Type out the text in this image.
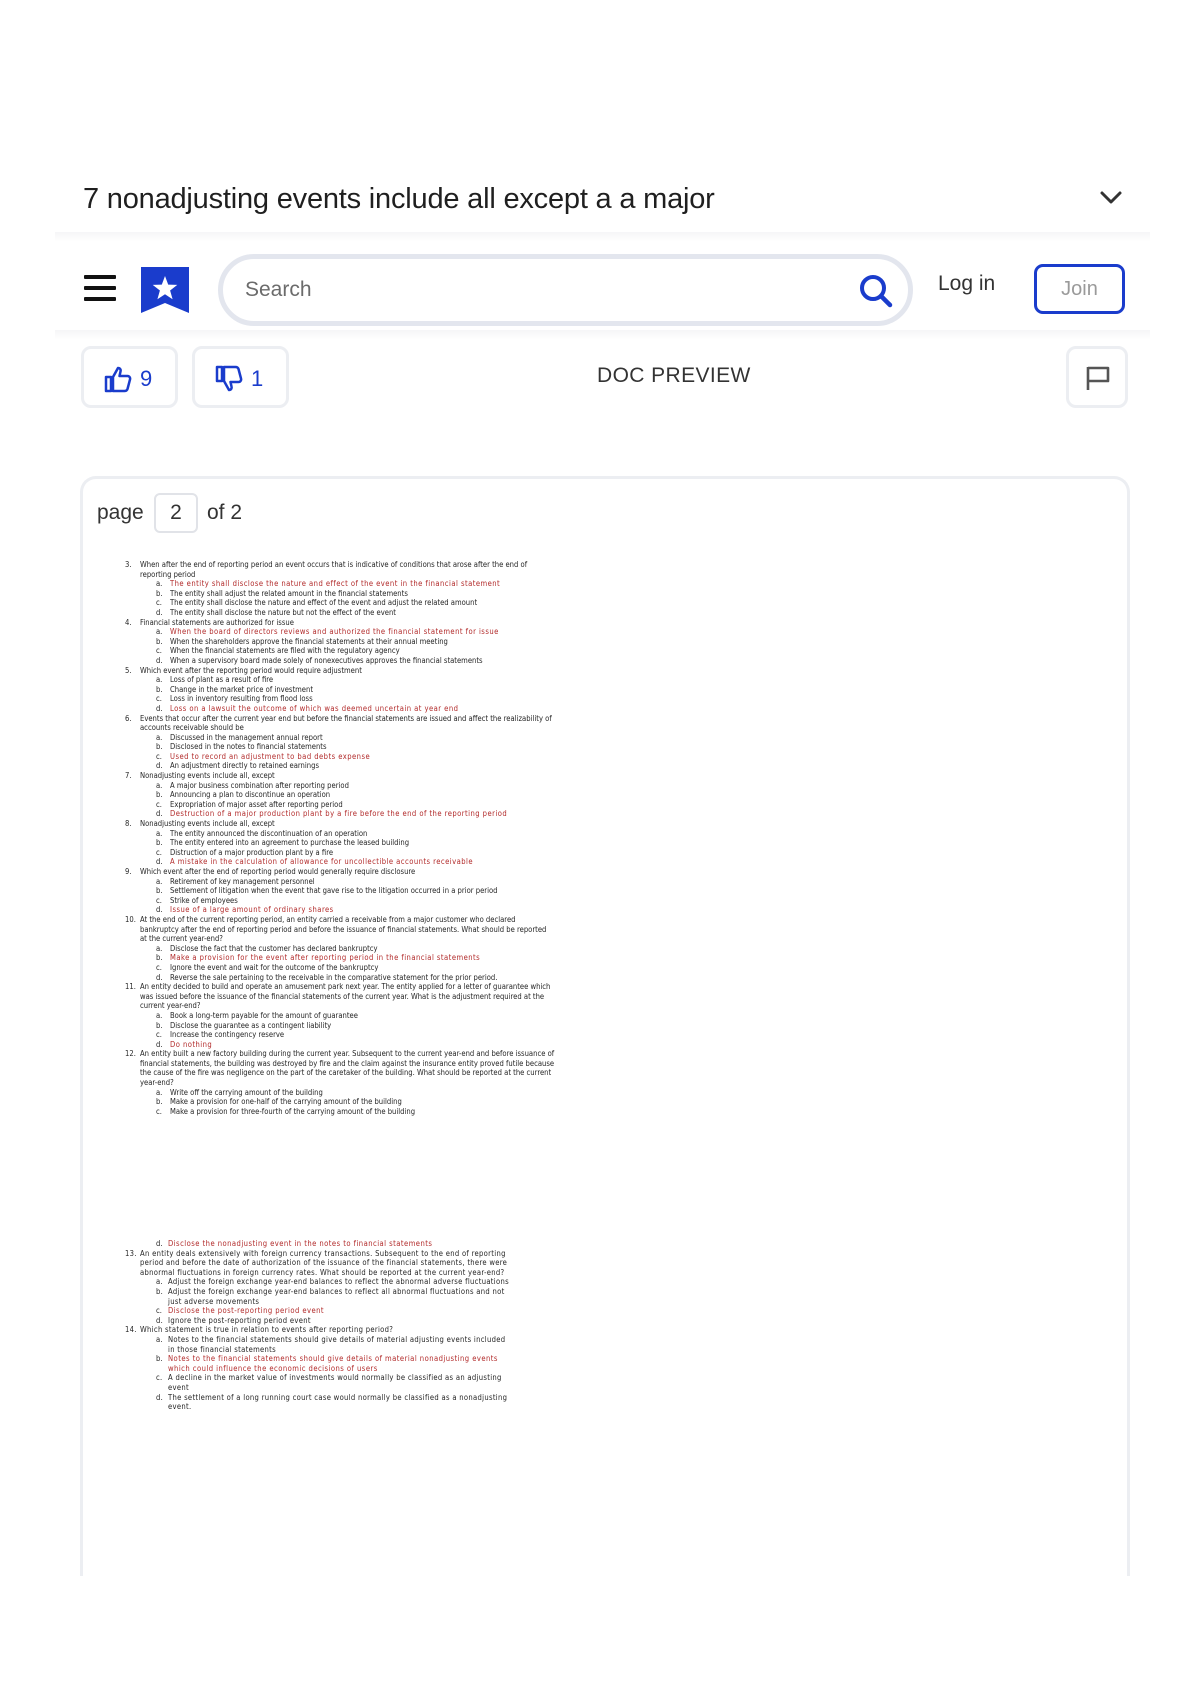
7 nonadjusting events include all except a a major
Search
Log in	Join
9	1	DOC PREVIEW
page
2	of 2
3. When after the end of reporting period an event occurs that is indicative of conditions that arose after the end of reporting period
a. The entity shall disclose the nature and effect of the event in the financial statement
b. The entity shall adjust the related amount in the financial statements
c. The entity shall disclose the nature and effect of the event and adjust the related amount
d. The entity shall disclose the nature but not the effect of the event
4. Financial statements are authorized for issue
a. When the board of directors reviews and authorized the financial statement for issue
b. When the shareholders approve the financial statements at their annual meeting
c. When the financial statements are filed with the regulatory agency
d. When a supervisory board made solely of nonexecutives approves the financial statements
5. Which event after the reporting period would require adjustment
a. Loss of plant as a result of fire
b. Change in the market price of investment
c. Loss in inventory resulting from flood loss
d. Loss on a lawsuit the outcome of which was deemed uncertain at year end
6. Events that occur after the current year end but before the financial statements are issued and affect the realizability of accounts receivable should be
a. Discussed in the management annual report
b. Disclosed in the notes to financial statements
c. Used to record an adjustment to bad debts expense
d. An adjustment directly to retained earnings
7. Nonadjusting events include all, except
a. A major business combination after reporting period
b. Announcing a plan to discontinue an operation
c. Expropriation of major asset after reporting period
d. Destruction of a major production plant by a fire before the end of the reporting period
8. Nonadjusting events include all, except
a. The entity announced the discontinuation of an operation
b. The entity entered into an agreement to purchase the leased building
c. Distruction of a major production plant by a fire
d. A mistake in the calculation of allowance for uncollectible accounts receivable
9. Which event after the end of reporting period would generally require disclosure
a. Retirement of key management personnel
b. Settlement of litigation when the event that gave rise to the litigation occurred in a prior period
c. Strike of employees
d. Issue of a large amount of ordinary shares
10. At the end of the current reporting period, an entity carried a receivable from a major customer who declared bankruptcy after the end of reporting period and before the issuance of financial statements. What should be reported at the current year-end?
a. Disclose the fact that the customer has declared bankruptcy
b. Make a provision for the event after reporting period in the financial statements
c. Ignore the event and wait for the outcome of the bankruptcy
d. Reverse the sale pertaining to the receivable in the comparative statement for the prior period.
11. An entity decided to build and operate an amusement park next year. The entity applied for a letter of guarantee which was issued before the issuance of the financial statements of the current year. What is the adjustment required at the current year-end?
a. Book a long-term payable for the amount of guarantee
b. Disclose the guarantee as a contingent liability
c. Increase the contingency reserve
d. Do nothing
12. An entity built a new factory building during the current year. Subsequent to the current year-end and before issuance of financial statements, the building was destroyed by fire and the claim against the insurance entity proved futile because the cause of the fire was negligence on the part of the caretaker of the building. What should be reported at the current year-end?
a. Write off the carrying amount of the building
b. Make a provision for one-half of the carrying amount of the building
c. Make a provision for three-fourth of the carrying amount of the building
d. Disclose the nonadjusting event in the notes to financial statements
13. An entity deals extensively with foreign currency transactions. Subsequent to the end of reporting period and before the date of authorization of the issuance of the financial statements, there were abnormal fluctuations in foreign currency rates. What should be reported at the current year-end?
a. Adjust the foreign exchange year-end balances to reflect the abnormal adverse fluctuations
b. Adjust the foreign exchange year-end balances to reflect all abnormal fluctuations and not just adverse movements
c. Disclose the post-reporting period event
d. Ignore the post-reporting period event
14. Which statement is true in relation to events after reporting period?
a. Notes to the financial statements should give details of material adjusting events included in those financial statements
b. Notes to the financial statements should give details of material nonadjusting events which could influence the economic decisions of users
c. A decline in the market value of investments would normally be classified as an adjusting event
d. The settlement of a long running court case would normally be classified as a nonadjusting event.
